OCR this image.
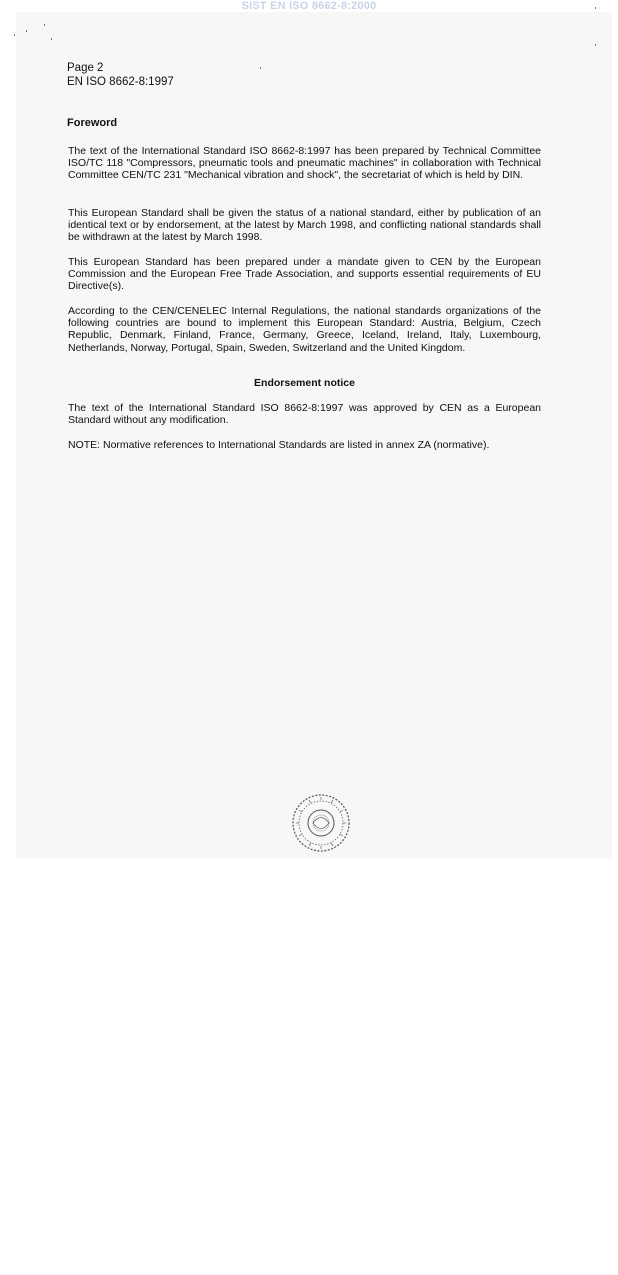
SIST EN ISO 8662-8:2000
Page 2
EN ISO 8662-8:1997
Foreword
The text of the International Standard ISO 8662-8:1997 has been prepared by Technical Committee ISO/TC 118 "Compressors, pneumatic tools and pneumatic machines" in collaboration with Technical Committee CEN/TC 231 "Mechanical vibration and shock", the secretariat of which is held by DIN.
This European Standard shall be given the status of a national standard, either by publication of an identical text or by endorsement, at the latest by March 1998, and conflicting national standards shall be withdrawn at the latest by March 1998.
This European Standard has been prepared under a mandate given to CEN by the European Commission and the European Free Trade Association, and supports essential requirements of EU Directive(s).
According to the CEN/CENELEC Internal Regulations, the national standards organizations of the following countries are bound to implement this European Standard: Austria, Belgium, Czech Republic, Denmark, Finland, France, Germany, Greece, Iceland, Ireland, Italy, Luxembourg, Netherlands, Norway, Portugal, Spain, Sweden, Switzerland and the United Kingdom.
Endorsement notice
The text of the International Standard ISO 8662-8:1997 was approved by CEN as a European Standard without any modification.
NOTE: Normative references to International Standards are listed in annex ZA (normative).
